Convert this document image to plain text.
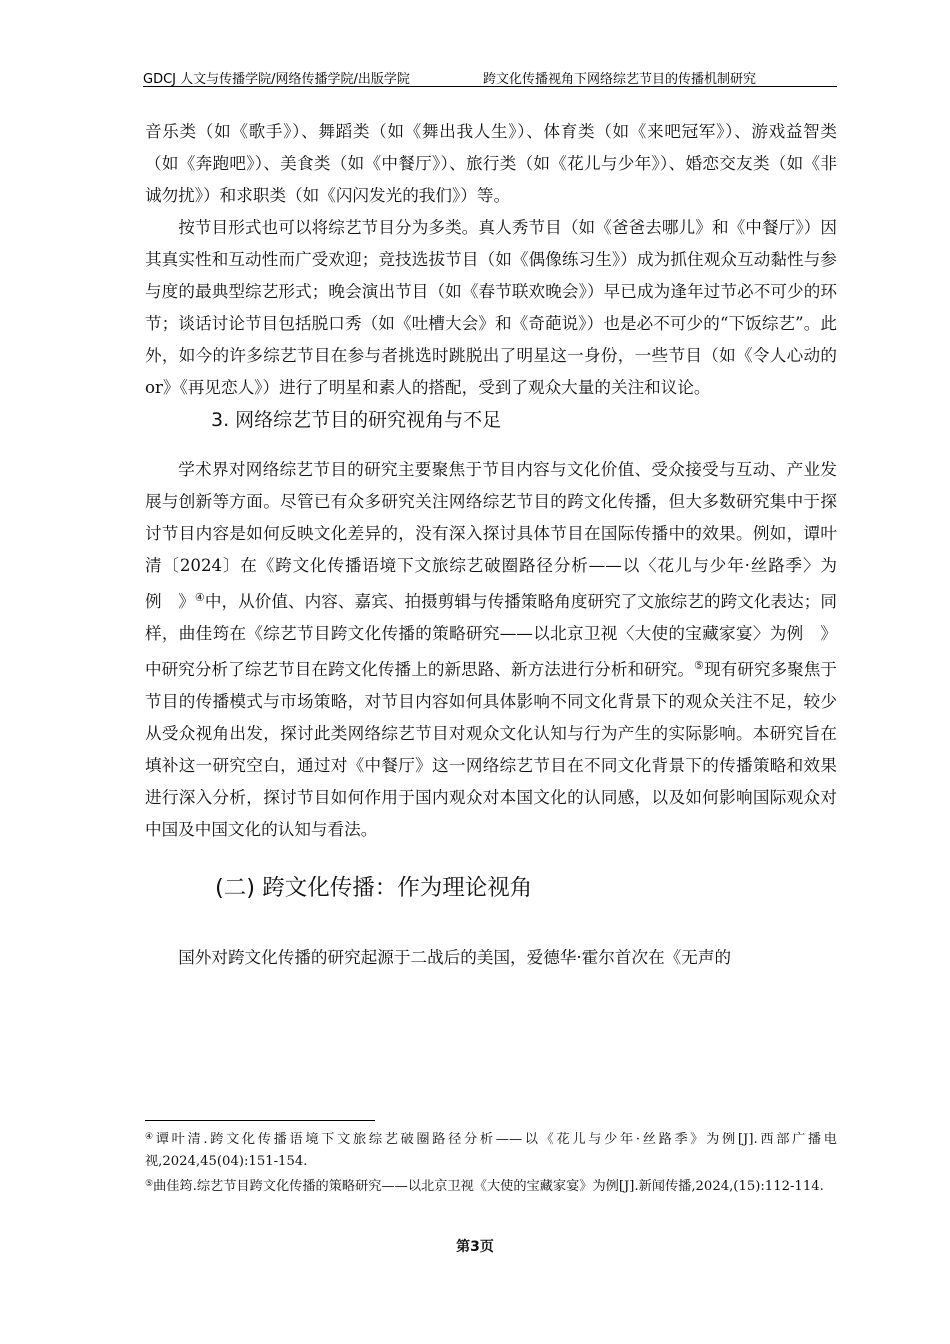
GDCJ 人文与传播学院/网络传播学院/出版学院	跨文化传播视角下网络综艺节目的传播机制研究

音乐类（如《歌手》）、舞蹈类（如《舞出我人生》）、体育类（如《来吧冠军》）、游戏益智类（如《奔跑吧》）、美食类（如《中餐厅》）、旅行类（如《花儿与少年》）、婚恋交友类（如《非诚勿扰》）和求职类（如《闪闪发光的我们》）等。

按节目形式也可以将综艺节目分为多类。真人秀节目（如《爸爸去哪儿》和《中餐厅》）因其真实性和互动性而广受欢迎；竞技选拔节目（如《偶像练习生》）成为抓住观众互动黏性与参与度的最典型综艺形式；晚会演出节目（如《春节联欢晚会》）早已成为逢年过节必不可少的环节；谈话讨论节目包括脱口秀（如《吐槽大会》和《奇葩说》）也是必不可少的“下饭综艺”。此外，如今的许多综艺节目在参与者挑选时跳脱出了明星这一身份，一些节目（如《令人心动的 or》《再见恋人》）进行了明星和素人的搭配，受到了观众大量的关注和议论。

3. 网络综艺节目的研究视角与不足

学术界对网络综艺节目的研究主要聚焦于节目内容与文化价值、受众接受与互动、产业发展与创新等方面。尽管已有众多研究关注网络综艺节目的跨文化传播，但大多数研究集中于探讨节目内容是如何反映文化差异的，没有深入探讨具体节目在国际传播中的效果。例如，谭叶清〔2024〕在《跨文化传播语境下文旅综艺破圈路径分析——以〈花儿与少年·丝路季〉为例　》④中，从价值、内容、嘉宾、拍摄剪辑与传播策略角度研究了文旅综艺的跨文化表达；同样，曲佳筠在《综艺节目跨文化传播的策略研究——以北京卫视〈大使的宝藏家宴〉为例　》中研究分析了综艺节目在跨文化传播上的新思路、新方法进行分析和研究。⑤现有研究多聚焦于节目的传播模式与市场策略，对节目内容如何具体影响不同文化背景下的观众关注不足，较少从受众视角出发，探讨此类网络综艺节目对观众文化认知与行为产生的实际影响。本研究旨在填补这一研究空白，通过对《中餐厅》这一网络综艺节目在不同文化背景下的传播策略和效果进行深入分析，探讨节目如何作用于国内观众对本国文化的认同感，以及如何影响国际观众对中国及中国文化的认知与看法。

(二) 跨文化传播：作为理论视角

国外对跨文化传播的研究起源于二战后的美国，爱德华·霍尔首次在《无声的

④谭叶清.跨文化传播语境下文旅综艺破圈路径分析——以《花儿与少年·丝路季》为例[J].西部广播电视,2024,45(04):151-154.

⑤曲佳筠.综艺节目跨文化传播的策略研究——以北京卫视《大使的宝藏家宴》为例[J].新闻传播,2024,(15):112-114.

第3页
